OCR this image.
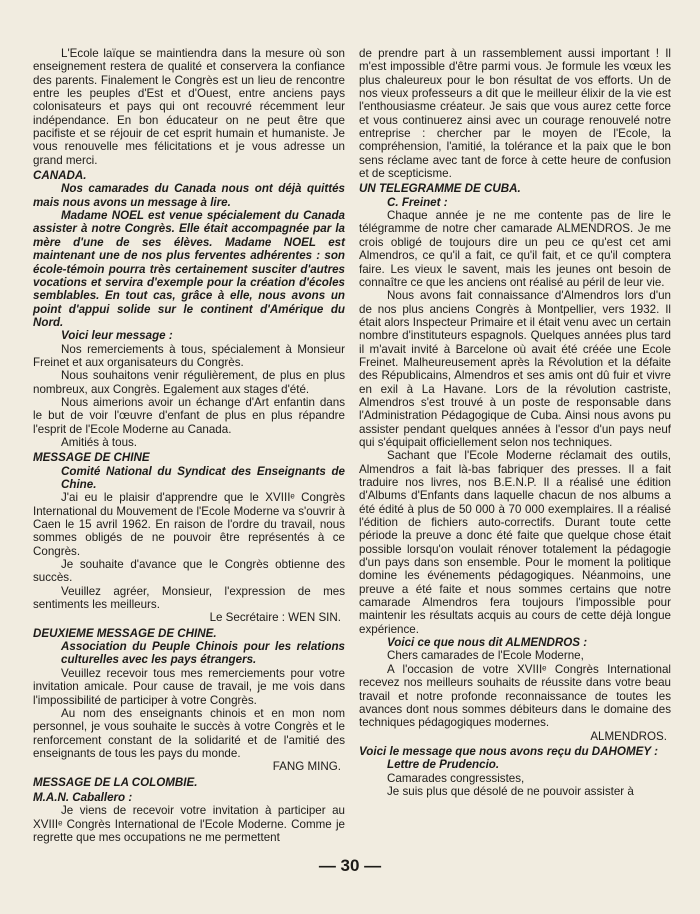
L'Ecole laïque se maintiendra dans la mesure où son enseignement restera de qualité et conservera la confiance des parents. Finalement le Congrès est un lieu de rencontre entre les peuples d'Est et d'Ouest, entre anciens pays colonisateurs et pays qui ont recouvré récemment leur indépendance. En bon éducateur on ne peut être que pacifiste et se réjouir de cet esprit humain et humaniste. Je vous renouvelle mes félicitations et je vous adresse un grand merci.

CANADA.

Nos camarades du Canada nous ont déjà quittés mais nous avons un message à lire.

Madame NOEL est venue spécialement du Canada assister à notre Congrès. Elle était accompagnée par la mère d'une de ses élèves. Madame NOEL est maintenant une de nos plus ferventes adhérentes : son école-témoin pourra très certainement susciter d'autres vocations et servira d'exemple pour la création d'écoles semblables. En tout cas, grâce à elle, nous avons un point d'appui solide sur le continent d'Amérique du Nord.

Voici leur message :

Nos remerciements à tous, spécialement à Monsieur Freinet et aux organisateurs du Congrès.

Nous souhaitons venir régulièrement, de plus en plus nombreux, aux Congrès. Egalement aux stages d'été.

Nous aimerions avoir un échange d'Art enfantin dans le but de voir l'œuvre d'enfant de plus en plus répandre l'esprit de l'Ecole Moderne au Canada.

Amitiés à tous.

MESSAGE DE CHINE

Comité National du Syndicat des Enseignants de Chine.

J'ai eu le plaisir d'apprendre que le XVIIIᵉ Congrès International du Mouvement de l'Ecole Moderne va s'ouvrir à Caen le 15 avril 1962. En raison de l'ordre du travail, nous sommes obligés de ne pouvoir être représentés à ce Congrès.

Je souhaite d'avance que le Congrès obtienne des succès.

Veuillez agréer, Monsieur, l'expression de mes sentiments les meilleurs.

Le Secrétaire : WEN SIN.

DEUXIEME MESSAGE DE CHINE.

Association du Peuple Chinois pour les relations culturelles avec les pays étrangers.

Veuillez recevoir tous mes remerciements pour votre invitation amicale. Pour cause de travail, je me vois dans l'impossibilité de participer à votre Congrès.

Au nom des enseignants chinois et en mon nom personnel, je vous souhaite le succès à votre Congrès et le renforcement constant de la solidarité et de l'amitié des enseignants de tous les pays du monde.

FANG MING.

MESSAGE DE LA COLOMBIE.

M.A.N. Caballero :

Je viens de recevoir votre invitation à participer au XVIIIᵉ Congrès International de l'Ecole Moderne. Comme je regrette que mes occupations ne me permettent

de prendre part à un rassemblement aussi important ! Il m'est impossible d'être parmi vous. Je formule les vœux les plus chaleureux pour le bon résultat de vos efforts. Un de nos vieux professeurs a dit que le meilleur élixir de la vie est l'enthousiasme créateur. Je sais que vous aurez cette force et vous continuerez ainsi avec un courage renouvelé notre entreprise : chercher par le moyen de l'Ecole, la compréhension, l'amitié, la tolérance et la paix que le bon sens réclame avec tant de force à cette heure de confusion et de scepticisme.

UN TELEGRAMME DE CUBA.

C. Freinet :

Chaque année je ne me contente pas de lire le télégramme de notre cher camarade ALMENDROS. Je me crois obligé de toujours dire un peu ce qu'est cet ami Almendros, ce qu'il a fait, ce qu'il fait, et ce qu'il comptera faire. Les vieux le savent, mais les jeunes ont besoin de connaître ce que les anciens ont réalisé au péril de leur vie.

Nous avons fait connaissance d'Almendros lors d'un de nos plus anciens Congrès à Montpellier, vers 1932. Il était alors Inspecteur Primaire et il était venu avec un certain nombre d'instituteurs espagnols. Quelques années plus tard il m'avait invité à Barcelone où avait été créée une Ecole Freinet. Malheureusement après la Révolution et la défaite des Républicains, Almendros et ses amis ont dû fuir et vivre en exil à La Havane. Lors de la révolution castriste, Almendros s'est trouvé à un poste de responsable dans l'Administration Pédagogique de Cuba. Ainsi nous avons pu assister pendant quelques années à l'essor d'un pays neuf qui s'équipait officiellement selon nos techniques.

Sachant que l'Ecole Moderne réclamait des outils, Almendros a fait là-bas fabriquer des presses. Il a fait traduire nos livres, nos B.E.N.P. Il a réalisé une édition d'Albums d'Enfants dans laquelle chacun de nos albums a été édité à plus de 50 000 à 70 000 exemplaires. Il a réalisé l'édition de fichiers auto-correctifs. Durant toute cette période la preuve a donc été faite que quelque chose était possible lorsqu'on voulait rénover totalement la pédagogie d'un pays dans son ensemble. Pour le moment la politique domine les événements pédagogiques. Néanmoins, une preuve a été faite et nous sommes certains que notre camarade Almendros fera toujours l'impossible pour maintenir les résultats acquis au cours de cette déjà longue expérience.

Voici ce que nous dit ALMENDROS :

Chers camarades de l'Ecole Moderne,

A l'occasion de votre XVIIIᵉ Congrès International recevez nos meilleurs souhaits de réussite dans votre beau travail et notre profonde reconnaissance de toutes les avances dont nous sommes débiteurs dans le domaine des techniques pédagogiques modernes.

ALMENDROS.

Voici le message que nous avons reçu du DAHOMEY :

Lettre de Prudencio.

Camarades congressistes,

Je suis plus que désolé de ne pouvoir assister à

— 30 —
